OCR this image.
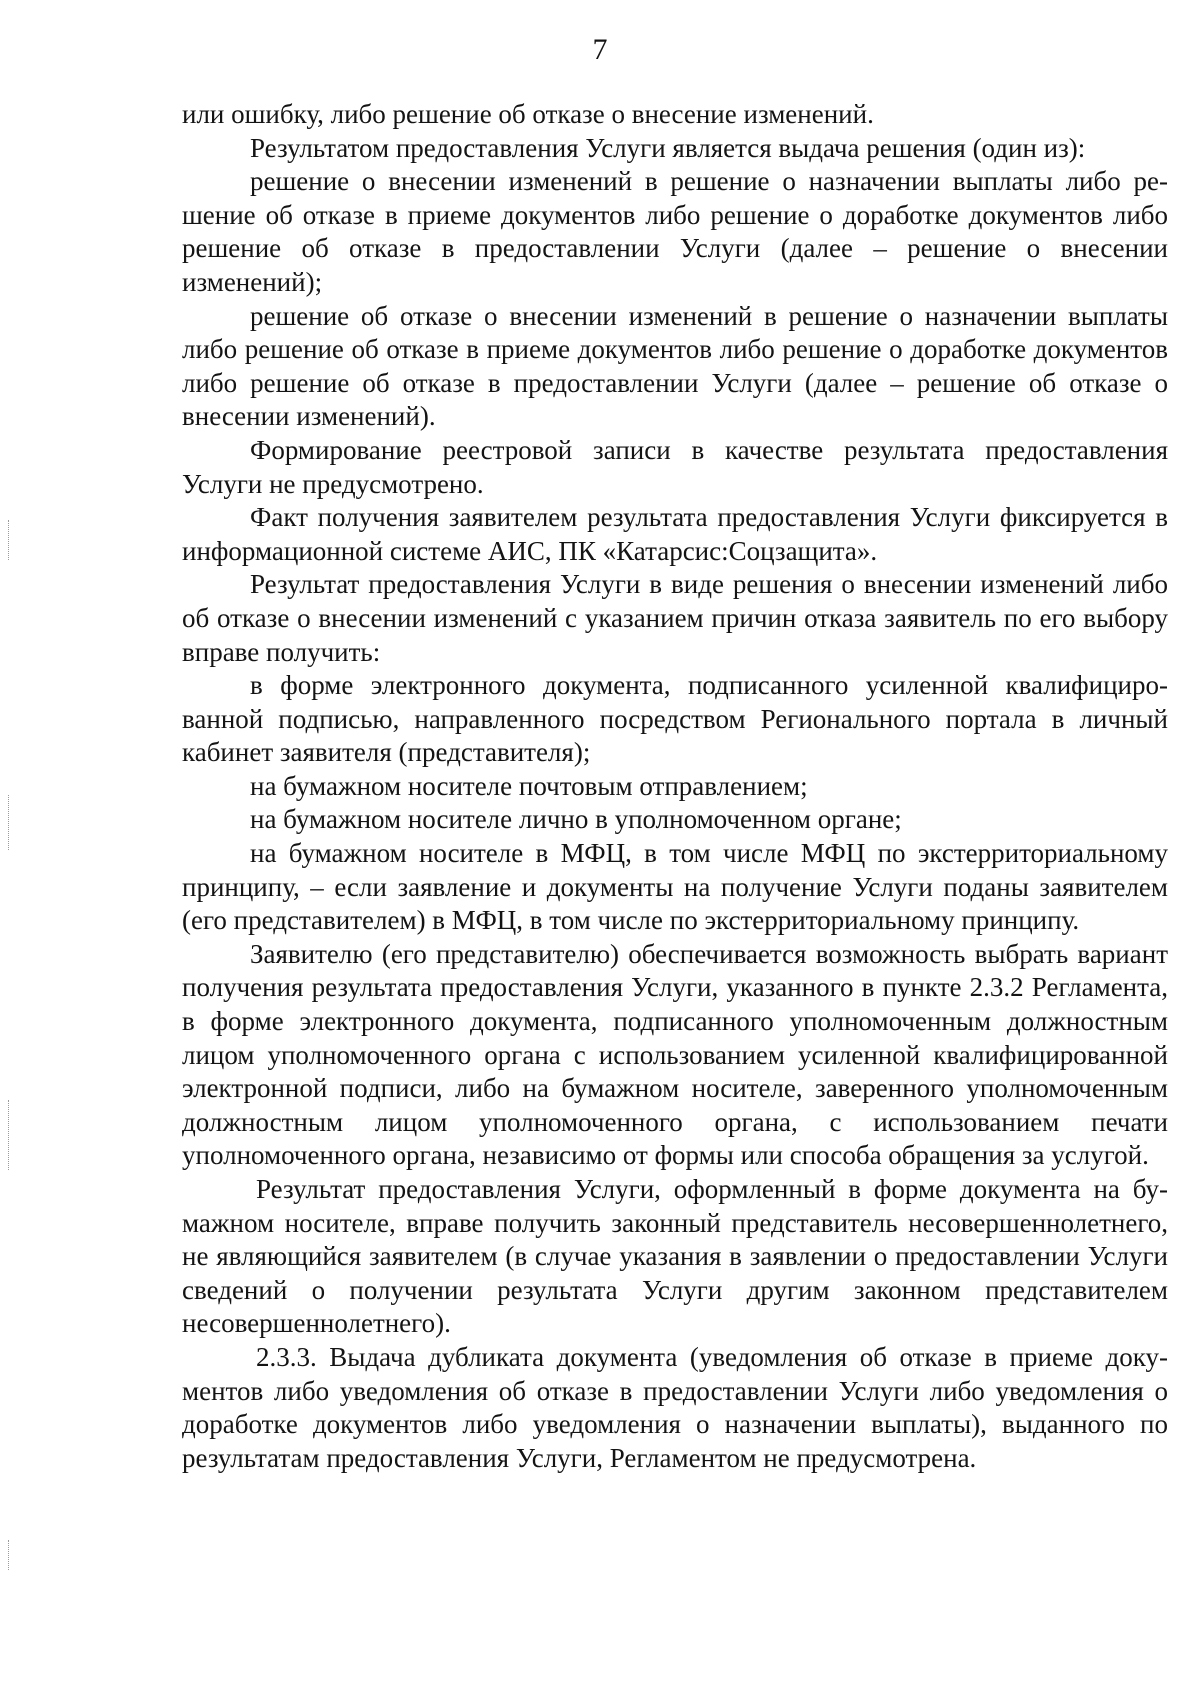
7

или ошибку, либо решение об отказе о внесение изменений.

Результатом предоставления Услуги является выдача решения (один из):

решение о внесении изменений в решение о назначении выплаты либо решение об отказе в приеме документов либо решение о доработке документов либо решение об отказе в предоставлении Услуги (далее – решение о внесении изменений);

решение об отказе о внесении изменений в решение о назначении выплаты либо решение об отказе в приеме документов либо решение о доработке документов либо решение об отказе в предоставлении Услуги (далее – решение об отказе о внесении изменений).

Формирование реестровой записи в качестве результата предоставления Услуги не предусмотрено.

Факт получения заявителем результата предоставления Услуги фиксируется в информационной системе АИС, ПК «Катарсис:Соцзащита».

Результат предоставления Услуги в виде решения о внесении изменений либо об отказе о внесении изменений с указанием причин отказа заявитель по его выбору вправе получить:

в форме электронного документа, подписанного усиленной квалифицированной подписью, направленного посредством Регионального портала в личный кабинет заявителя (представителя);

на бумажном носителе почтовым отправлением;

на бумажном носителе лично в уполномоченном органе;

на бумажном носителе в МФЦ, в том числе МФЦ по экстерриториальному принципу, – если заявление и документы на получение Услуги поданы заявителем (его представителем) в МФЦ, в том числе по экстерриториальному принципу.

Заявителю (его представителю) обеспечивается возможность выбрать вариант получения результата предоставления Услуги, указанного в пункте 2.3.2 Регламента, в форме электронного документа, подписанного уполномоченным должностным лицом уполномоченного органа с использованием усиленной квалифицированной электронной подписи, либо на бумажном носителе, заверенного уполномоченным должностным лицом уполномоченного органа, с использованием печати уполномоченного органа, независимо от формы или способа обращения за услугой.

Результат предоставления Услуги, оформленный в форме документа на бумажном носителе, вправе получить законный представитель несовершеннолетнего, не являющийся заявителем (в случае указания в заявлении о предоставлении Услуги сведений о получении результата Услуги другим законном представителем несовершеннолетнего).

2.3.3. Выдача дубликата документа (уведомления об отказе в приеме документов либо уведомления об отказе в предоставлении Услуги либо уведомления о доработке документов либо уведомления о назначении выплаты), выданного по результатам предоставления Услуги, Регламентом не предусмотрена.
